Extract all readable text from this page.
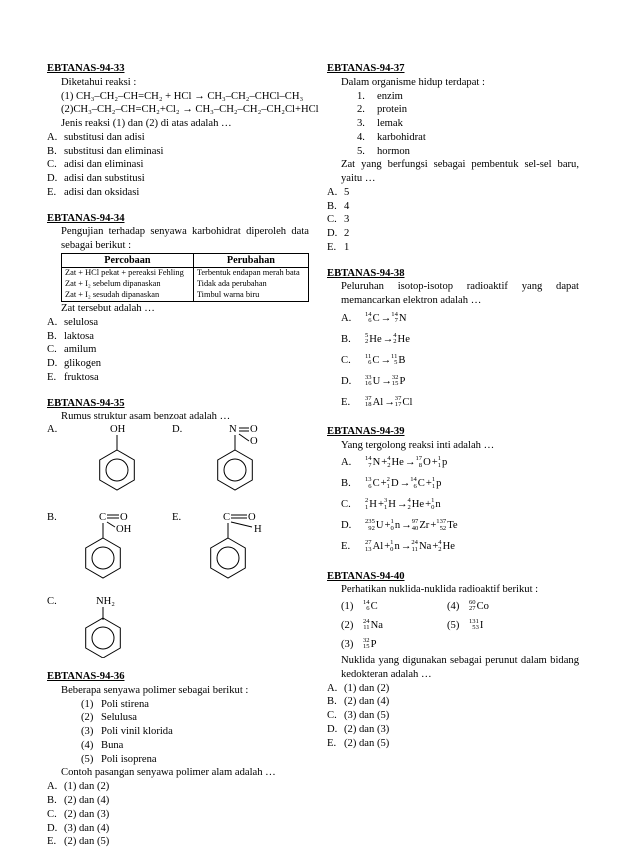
EBTANAS-94-33
Diketahui reaksi :
(1) CH₃–CH₂–CH=CH₂ + HCl → CH₃–CH₂–CHCl–CH₃
(2)CH₃–CH₂–CH=CH₂+Cl₂ → CH₃–CH₂–CH₂–CH₂Cl+HCl
Jenis reaksi (1) dan (2) di atas adalah …
A. substitusi dan adisi
B. substitusi dan eliminasi
C. adisi dan eliminasi
D. adisi dan substitusi
E. adisi dan oksidasi
EBTANAS-94-34
Pengujian terhadap senyawa karbohidrat diperoleh data sebagai berikut :
Percobaan	Perubahan
Zat + HCl pekat + pereaksi Fehling	Terbentuk endapan merah bata
Zat + I₂ sebelum dipanaskan	Tidak ada perubahan
Zat + I₂ sesudah dipanaskan	Timbul warna biru
Zat tersebut adalah …
A. selulosa
B. laktosa
C. amilum
D. glikogen
E. fruktosa
EBTANAS-94-35
Rumus struktur asam benzoat adalah …
A.	OH	D.	N O
O
B.	C O
OH
E.	C O
H
C.	NH₂
EBTANAS-94-36
Beberapa senyawa polimer sebagai berikut :
(1) Poli stirena
(2) Selulusa
(3) Poli vinil klorida
(4) Buna
(5) Poli isoprena
Contoh pasangan senyawa polimer alam adalah …
A. (1) dan (2)
B. (2) dan (4)
C. (2) dan (3)
D. (3) dan (4)
E. (2) dan (5)
EBTANAS-94-37
Dalam organisme hidup terdapat :
1.	enzim
2.	protein
3.	lemak
4.	karbohidrat
5.	hormon
Zat yang berfungsi sebagai pembentuk sel-sel baru, yaitu …
A. 5
B. 4
C. 3
D. 2
E. 1
EBTANAS-94-38
Peluruhan isotop-isotop radioaktif yang dapat memancarkan elektron adalah …
A.	14
6 C → 14
7 N
B.	5
2 He → 4
2 He
C.	11
6 C → 11
5 B
D.	33
16 U → 32
15 P
E.	37
18 Al → 37
17 Cl
EBTANAS-94-39
Yang tergolong reaksi inti adalah …
A.	14
7 N + 4
2 He → 17
8 O + 1
1 p
B.	13
6 C + 2
1 D → 14
6 C + 1
1 p
C.	2
1 H + 3
1 H → 4
2 He + 1
0 n
D.	235
92 U + 1
0 n → 97
40 Zr + 137
52 Te
E.	27
13 Al + 1
0 n → 24
11 Na + 4
2 He
EBTANAS-94-40
Perhatikan nuklida-nuklida radioaktif berikut :
(1)	14
6 C	(4)	60
27 Co
(2)	24
11 Na	(5)	131
53 I
(3)	32
15 P
Nuklida yang digunakan sebagai perunut dalam bidang kedokteran adalah …
A. (1) dan (2)
B. (2) dan (4)
C. (3) dan (5)
D. (2) dan (3)
E. (2) dan (5)
